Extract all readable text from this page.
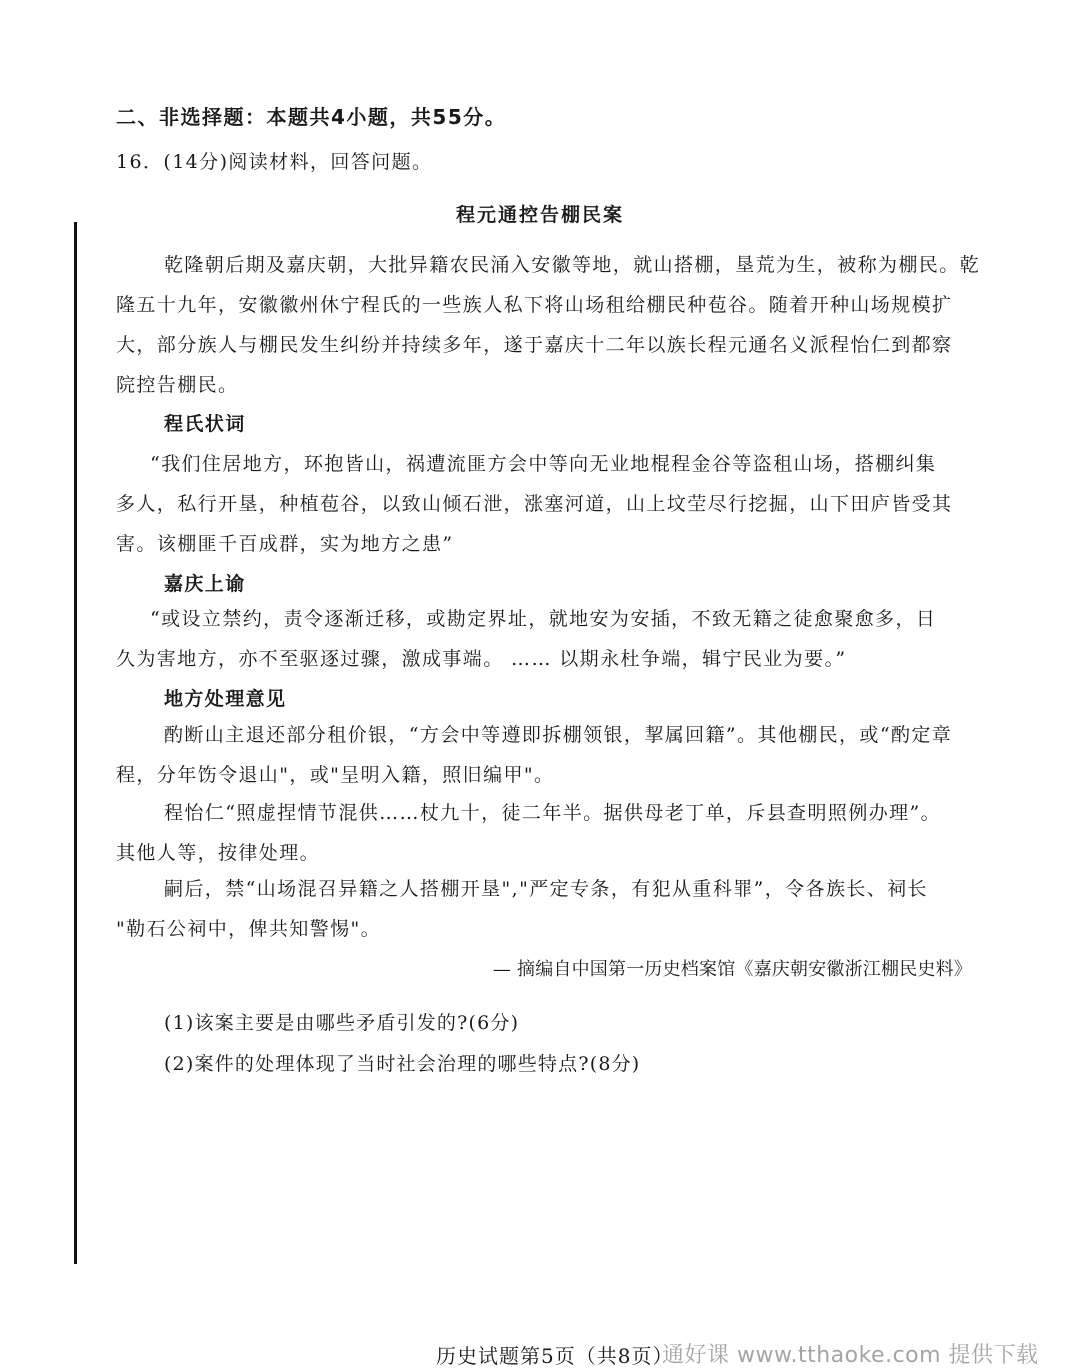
二、非选择题：本题共4小题，共55分。
16．(14分)阅读材料，回答问题。
程元通控告棚民案
乾隆朝后期及嘉庆朝，大批异籍农民涌入安徽等地，就山搭棚，垦荒为生，被称为棚民。乾
隆五十九年，安徽徽州休宁程氏的一些族人私下将山场租给棚民种苞谷。随着开种山场规模扩
大，部分族人与棚民发生纠纷并持续多年，遂于嘉庆十二年以族长程元通名义派程怡仁到都察
院控告棚民。
程氏状词
“我们住居地方，环抱皆山，祸遭流匪方会中等向无业地棍程金谷等盗租山场，搭棚纠集
多人，私行开垦，种植苞谷，以致山倾石泄，涨塞河道，山上坟茔尽行挖掘，山下田庐皆受其
害。该棚匪千百成群，实为地方之患”
嘉庆上谕
“或设立禁约，责令逐渐迁移，或勘定界址，就地安为安插，不致无籍之徒愈聚愈多，日
久为害地方，亦不至驱逐过骤，激成事端。 …… 以期永杜争端，辑宁民业为要。”
地方处理意见
酌断山主退还部分租价银，“方会中等遵即拆棚领银，挈属回籍”。其他棚民，或“酌定章
程，分年饬令退山"，或"呈明入籍，照旧编甲"。
程怡仁“照虚捏情节混供……杖九十，徒二年半。据供母老丁单，斥县查明照例办理”。
其他人等，按律处理。
嗣后，禁“山场混召异籍之人搭棚开垦","严定专条，有犯从重科罪”，令各族长、祠长
"勒石公祠中，俾共知警惕"。
— 摘编自中国第一历史档案馆《嘉庆朝安徽浙江棚民史料》
(1)该案主要是由哪些矛盾引发的?(6分)
(2)案件的处理体现了当时社会治理的哪些特点?(8分)
历史试题第5页（共8页）
通好课 www.tthaoke.com 提供下载
